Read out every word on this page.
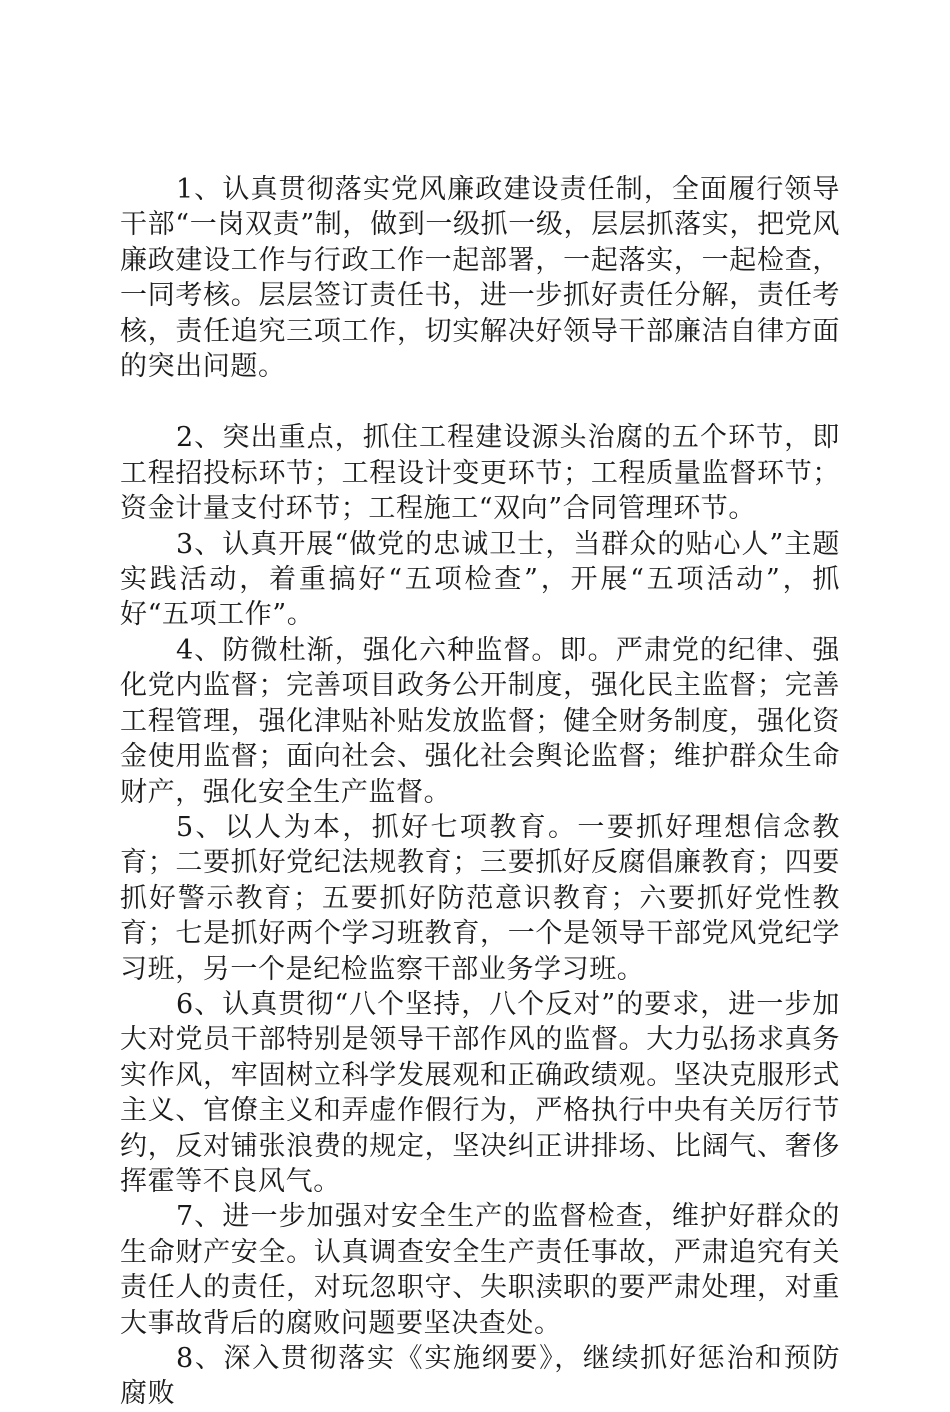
1、认真贯彻落实党风廉政建设责任制，全面履行领导干部“一岗双责”制，做到一级抓一级，层层抓落实，把党风廉政建设工作与行政工作一起部署，一起落实，一起检查，一同考核。层层签订责任书，进一步抓好责任分解，责任考核，责任追究三项工作，切实解决好领导干部廉洁自律方面的突出问题。

2、突出重点，抓住工程建设源头治腐的五个环节，即工程招投标环节；工程设计变更环节；工程质量监督环节；资金计量支付环节；工程施工“双向”合同管理环节。

3、认真开展“做党的忠诚卫士，当群众的贴心人”主题实践活动，着重搞好“五项检查”，开展“五项活动”，抓好“五项工作”。

4、防微杜渐，强化六种监督。即。严肃党的纪律、强化党内监督；完善项目政务公开制度，强化民主监督；完善工程管理，强化津贴补贴发放监督；健全财务制度，强化资金使用监督；面向社会、强化社会舆论监督；维护群众生命财产，强化安全生产监督。

5、以人为本，抓好七项教育。一要抓好理想信念教育；二要抓好党纪法规教育；三要抓好反腐倡廉教育；四要抓好警示教育；五要抓好防范意识教育；六要抓好党性教育；七是抓好两个学习班教育，一个是领导干部党风党纪学习班，另一个是纪检监察干部业务学习班。

6、认真贯彻“八个坚持，八个反对”的要求，进一步加大对党员干部特别是领导干部作风的监督。大力弘扬求真务实作风，牢固树立科学发展观和正确政绩观。坚决克服形式主义、官僚主义和弄虚作假行为，严格执行中央有关厉行节约，反对铺张浪费的规定，坚决纠正讲排场、比阔气、奢侈挥霍等不良风气。

7、进一步加强对安全生产的监督检查，维护好群众的生命财产安全。认真调查安全生产责任事故，严肃追究有关责任人的责任，对玩忽职守、失职渎职的要严肃处理，对重大事故背后的腐败问题要坚决查处。

8、深入贯彻落实《实施纲要》，继续抓好惩治和预防腐败
